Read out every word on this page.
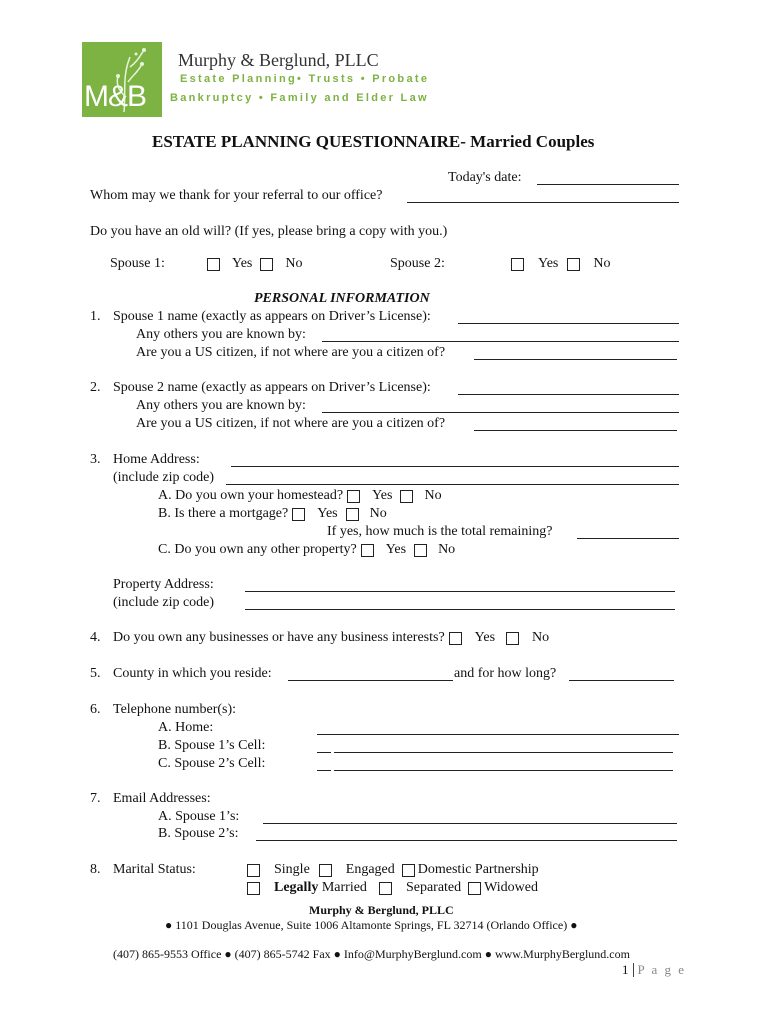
M&B
Murphy & Berglund, PLLC
Estate Planning• Trusts • Probate
Bankruptcy • Family and Elder Law
ESTATE PLANNING QUESTIONNAIRE- Married Couples
Today's date:
Whom may we thank for your referral to our office?
Do you have an old will? (If yes, please bring a copy with you.)
Spouse 1:	Yes No	Spouse 2:	Yes	No
PERSONAL INFORMATION
1. Spouse 1 name (exactly as appears on Driver’s License):
Any others you are known by:
Are you a US citizen, if not where are you a citizen of?
2. Spouse 2 name (exactly as appears on Driver’s License):
Any others you are known by:
Are you a US citizen, if not where are you a citizen of?
3. Home Address:
(include zip code)
A. Do you own your homestead? Yes No
B. Is there a mortgage? Yes No
If yes, how much is the total remaining?
C. Do you own any other property? Yes No
Property Address:
(include zip code)
4. Do you own any businesses or have any business interests? Yes	No
5. County in which you reside:	and for how long?
6. Telephone number(s):
A. Home:
B. Spouse 1’s Cell:
C. Spouse 2’s Cell:
7. Email Addresses:
A. Spouse 1’s:
B. Spouse 2’s:
8. Marital Status:	Single	Engaged Domestic Partnership
Legally Married	Separated Widowed
Murphy & Berglund, PLLC
● 1101 Douglas Avenue, Suite 1006 Altamonte Springs, FL 32714 (Orlando Office) ●
(407) 865-9553 Office ● (407) 865-5742 Fax ● Info@MurphyBerglund.com ● www.MurphyBerglund.com
1 P a g e
